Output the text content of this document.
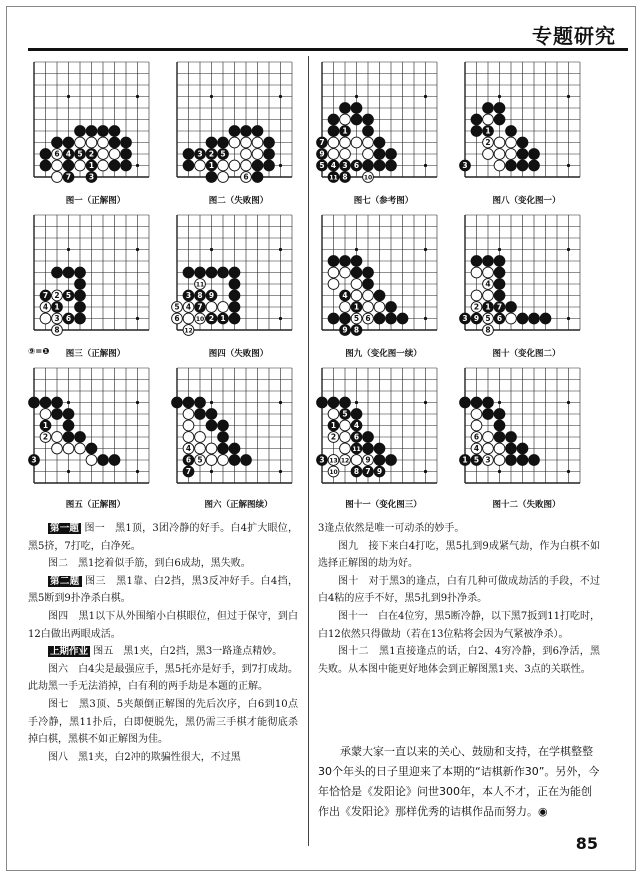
专题研究
6 4 5 2
1
7 3
图一（正解图）
3 2 5
1
6
图二（失败图）
1
7
9
5 4 3 6
11 8	10
图七（参考图）
1
2
3
图八（变化图一）
7 2 5
4 1
3 6
8
⑨=❶	图三（正解图）
11
3 8 9
5 4 7
6	10 2 1
12
图四（失败图）
4
1
5 6
9 8
图九（变化图一续）
4
2 1 7
3 9 5 6
8
图十（变化图二）
1
2
3
图五（正解图）
4
6 5
7
图六（正解图续）
5
1 4
2 6
11
3 13 12 9
10 8 7 9
图十一（变化图三）
6
4
1 5 3
图十二（失败图）

第一题 图一　黑1顶，3团冷静的好手。白4扩大眼位，黑5挤，7打吃，白净死。

图二　黑1挖着似手筋，到白6成劫，黑失败。

第二题 图三　黑1靠、白2挡，黑3反冲好手。白4挡，黑5断到9扑净杀白棋。

图四　黑1以下从外围缩小白棋眼位，但过于保守，到白12白做出两眼成活。

上期作业 图五　黑1夹，白2挡，黑3一路逢点精妙。

图六　白4尖是最强应手，黑5托亦是好手，到7打成劫。此劫黑一手无法消掉，白有利的两手劫是本题的正解。

图七　黑3顶、5夹颠倒正解图的先后次序，白6到10点手冷静，黑11扑后，白即便脱先，黑仍需三手棋才能彻底杀掉白棋，黑棋不如正解图为佳。

图八　黑1夹，白2冲的欺骗性很大，不过黑

3逢点依然是唯一可动杀的妙手。

图九　接下来白4打吃，黑5扎到9成紧气劫，作为白棋不如选择正解图的劫为好。

图十　对于黑3的逢点，白有几种可做成劫活的手段，不过白4粘的应手不好，黑5扎到9扑净杀。

图十一　白在4位穷，黑5断冷静，以下黑7扳到11打吃时，白12依然只得做劫（若在13位粘将会因为气紧被净杀）。

图十二　黑1直接逢点的话，白2、4穷冷静，到6净活，黑失败。从本图中能更好地体会到正解图黑1夹、3点的关联性。

承蒙大家一直以来的关心、鼓励和支持，在学棋整整30个年头的日子里迎来了本期的“诘棋新作30”。另外，今年恰恰是《发阳论》问世300年，本人不才，正在为能创作出《发阳论》那样优秀的诘棋作品而努力。◉
85
